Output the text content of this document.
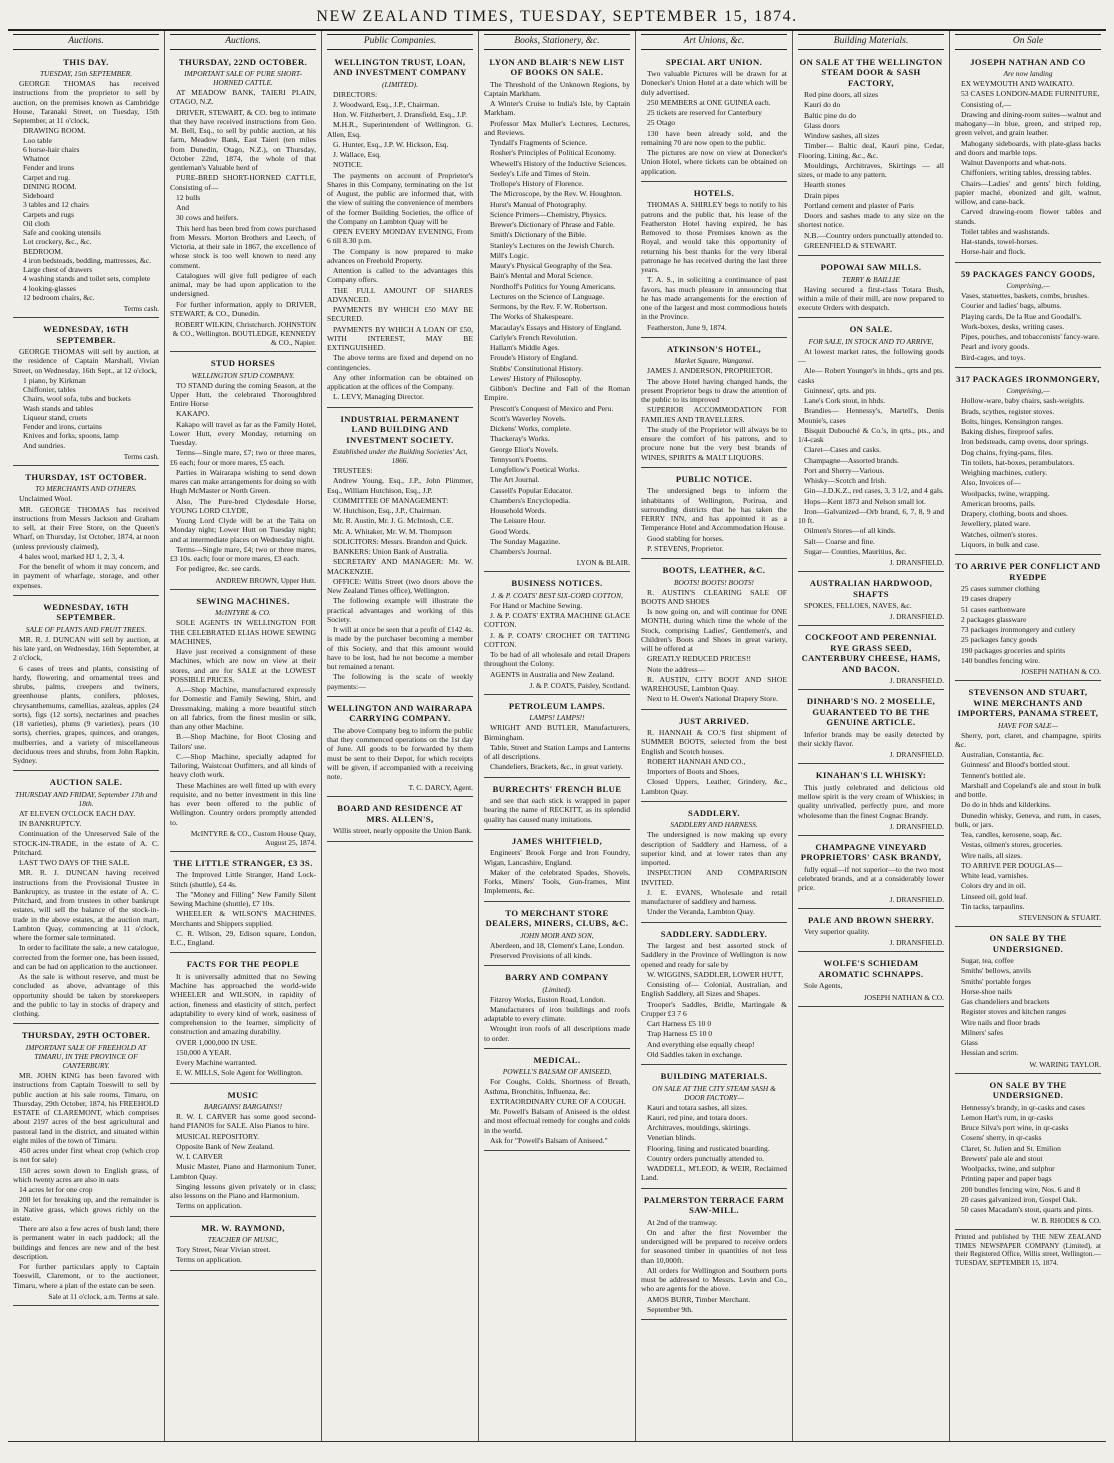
NEW ZEALAND TIMES, TUESDAY, SEPTEMBER 15, 1874.
Auctions.
THIS DAY.
TUESDAY, 15th SEPTEMBER.

GEORGE THOMAS has received instructions from the proprietor to sell by auction, on the premises known as Cambridge House, Taranaki Street, on Tuesday, 15th September, at 11 o'clock,

DRAWING ROOM.
Loo table
6 horse-hair chairs
Whatnot
Fender and irons
Carpet and rug.
DINING ROOM.
Sideboard
3 tables and 12 chairs
Carpets and rugs
Oil cloth
Safe and cooking utensils
Lot crockery, &c., &c.
BEDROOM.
4 iron bedsteads, bedding, mattresses, &c.
Large chest of drawers
4 washing stands and toilet sets, complete
4 looking-glasses
12 bedroom chairs, &c.
Terms cash.
WEDNESDAY, 16TH SEPTEMBER.

GEORGE THOMAS will sell by auction, at the residence of Captain Marshall, Vivian Street, on Wednesday, 16th Sept., at 12 o'clock,

1 piano, by Kirkman
Chiffonier, tables
Chairs, wool sofa, tubs and buckets
Wash stands and tables
Liqueur stand, cruets
Fender and irons, curtains
Knives and forks, spoons, lamp
And sundries.
Terms cash.
THURSDAY, 1ST OCTOBER.
TO MERCHANTS AND OTHERS.

Unclaimed Wool.

MR. GEORGE THOMAS has received instructions from Messrs Jackson and Graham to sell, at their Free Store, on the Queen's Wharf, on Thursday, 1st October, 1874, at noon (unless previously claimed),

4 bales wool, marked HJ 1, 2, 3, 4.

For the benefit of whom it may concern, and in payment of wharfage, storage, and other expenses.

WEDNESDAY, 16TH SEPTEMBER.
SALE OF PLANTS AND FRUIT TREES.

MR. R. J. DUNCAN will sell by auction, at his late yard, on Wednesday, 16th September, at 2 o'clock,

6 cases of trees and plants, consisting of hardy, flowering, and ornamental trees and shrubs, palms, creepers and twiners, greenhouse plants, conifers, phloxes, chrysanthemums, camellias, azaleas, apples (24 sorts), figs (12 sorts), nectarines and peaches (18 varieties), plums (9 varieties), pears (10 sorts), cherries, grapes, quinces, and oranges, mulberries, and a variety of miscellaneous deciduous trees and shrubs, from John Rapkin, Sydney.

AUCTION SALE.
THURSDAY AND FRIDAY, September 17th and 18th.

AT ELEVEN O'CLOCK EACH DAY.

IN BANKRUPTCY.

Continuation of the Unreserved Sale of the STOCK-IN-TRADE, in the estate of A. C. Pritchard.

LAST TWO DAYS OF THE SALE.

MR. R. J. DUNCAN having received instructions from the Provisional Trustee in Bankruptcy, as trustee in the estate of A. C. Pritchard, and from trustees in other bankrupt estates, will sell the balance of the stock-in-trade in the above estates, at the auction mart, Lambton Quay, commencing at 11 o'clock, where the former sale terminated.

In order to facilitate the sale, a new catalogue, corrected from the former one, has been issued, and can be had on application to the auctioneer.

As the sale is without reserve, and must be concluded as above, advantage of this opportunity should be taken by storekeepers and the public to lay in stocks of drapery and clothing.

THURSDAY, 29TH OCTOBER.
IMPORTANT SALE OF FREEHOLD AT TIMARU, IN THE PROVINCE OF CANTERBURY.

MR. JOHN KING has been favored with instructions from Captain Toeswill to sell by public auction at his sale rooms, Timaru, on Thursday, 29th October, 1874, his FREEHOLD ESTATE of CLAREMONT, which comprises about 2197 acres of the best agricultural and pastoral land in the district, and situated within eight miles of the town of Timaru.

450 acres under first wheat crop (which crop is not for sale)

150 acres sown down to English grass, of which twenty acres are also in oats

14 acres let for one crop

200 let for breaking up, and the remainder is in Native grass, which grows richly on the estate.

There are also a few acres of bush land; there is permanent water in each paddock; all the buildings and fences are new and of the best description.

For further particulars apply to Captain Toeswill, Claremont, or to the auctioneer, Timaru, where a plan of the estate can be seen.

Sale at 11 o'clock, a.m. Terms at sale.
Auctions.
THURSDAY, 22ND OCTOBER.
IMPORTANT SALE OF PURE SHORT-HORNED CATTLE.

AT MEADOW BANK, TAIERI PLAIN, OTAGO, N.Z.

DRIVER, STEWART, & CO. beg to intimate that they have received instructions from Geo. M. Bell, Esq., to sell by public auction, at his farm, Meadow Bank, East Taieri (ten miles from Dunedin, Otago, N.Z.), on Thursday, October 22nd, 1874, the whole of that gentleman's Valuable herd of

PURE-BRED SHORT-HORNED CATTLE, Consisting of—

12 bulls

And

30 cows and heifers.

This herd has been bred from cows purchased from Messrs. Morton Brothers and Leech, of Victoria, at their sale in 1867, the excellence of whose stock is too well known to need any comment.

Catalogues will give full pedigree of each animal, may be had upon application to the undersigned.

For further information, apply to DRIVER, STEWART, & CO., Dunedin.

ROBERT WILKIN, Christchurch. JOHNSTON & CO., Wellington. BOUTLEDGE, KENNEDY & CO., Napier.
STUD HORSES
WELLINGTON STUD COMPANY.

TO STAND during the coming Season, at the Upper Hutt, the celebrated Thoroughbred Entire Horse

KAKAPO.

Kakapo will travel as far as the Family Hotel, Lower Hutt, every Monday, returning on Tuesday.

Terms—Single mare, £7; two or three mares, £6 each; four or more mares, £5 each.

Parties in Wairarapa wishing to send down mares can make arrangements for doing so with Hugh McMaster or North Green.

Also, The Pure-bred Clydesdale Horse, YOUNG LORD CLYDE,

Young Lord Clyde will be at the Taita on Monday night; Lower Hutt on Tuesday night; and at intermediate places on Wednesday night.

Terms—Single mare, £4; two or three mares, £3 10s. each; four or more mares, £3 each.

For pedigree, &c. see cards.

ANDREW BROWN, Upper Hutt.
SEWING MACHINES.
McINTYRE & CO.

SOLE AGENTS IN WELLINGTON FOR THE CELEBRATED ELIAS HOWE SEWING MACHINES,

Have just received a consignment of these Machines, which are now on view at their stores, and are for SALE at the LOWEST POSSIBLE PRICES.

A.—Shop Machine, manufactured expressly for Domestic and Family Sewing, Shirt, and Dressmaking, making a more beautiful stitch on all fabrics, from the finest muslin or silk, than any other Machine.

B.—Shop Machine, for Boot Closing and Tailors' use.

C.—Shop Machine, specially adapted for Tailoring, Waistcoat Outfitters, and all kinds of heavy cloth work.

These Machines are well fitted up with every requisite, and no better investment in this line has ever been offered to the public of Wellington. Country orders promptly attended to.

McINTYRE & CO., Custom House Quay, August 25, 1874.
THE LITTLE STRANGER, £3 3S.

The Improved Little Stranger, Hand Lock-Stitch (shuttle), £4 4s.

The "Money and Filling" New Family Silent Sewing Machine (shuttle), £7 10s.

WHEELER & WILSON'S MACHINES. Merchants and Shippers supplied.

C. R. Wilson, 29, Edison square, London, E.C., England.

FACTS FOR THE PEOPLE

It is universally admitted that no Sewing Machine has approached the world-wide WHEELER and WILSON, in rapidity of action, fineness and elasticity of stitch, perfect adaptability to every kind of work, easiness of comprehension to the learner, simplicity of construction and amazing durability.

OVER 1,000,000 IN USE.

150,000 A YEAR.

Every Machine warranted.

E. W. MILLS, Sole Agent for Wellington.

MUSIC
BARGAINS! BARGAINS!!

R. W. I. CARVER has some good second-hand PIANOS for SALE. Also Pianos to hire.

MUSICAL REPOSITORY.

Opposite Bank of New Zealand.

W. I. CARVER

Music Master, Piano and Harmonium Tuner, Lambton Quay.

Singing lessons given privately or in class; also lessons on the Piano and Harmonium.

Terms on application.

MR. W. RAYMOND,
TEACHER OF MUSIC,

Tory Street, Near Vivian street.

Terms on application.

Public Companies.
WELLINGTON TRUST, LOAN, AND INVESTMENT COMPANY
(LIMITED).

DIRECTORS:

J. Woodward, Esq., J.P., Chairman.

Hon. W. Fitzherbert, J. Dransfield, Esq., J.P.

M.H.R., Superintendent of Wellington. G. Allen, Esq.

G. Hunter, Esq., J.P. W. Hickson, Esq.

J. Wallace, Esq.

NOTICE.

The payments on account of Proprietor's Shares in this Company, terminating on the 1st of August, the public are informed that, with the view of suiting the convenience of members of the former Building Societies, the office of the Company on Lambton Quay will be

OPEN EVERY MONDAY EVENING, From 6 till 8.30 p.m.

The Company is now prepared to make advances on Freehold Property.

Attention is called to the advantages this Company offers.

THE FULL AMOUNT OF SHARES ADVANCED.

PAYMENTS BY WHICH £50 MAY BE SECURED.

PAYMENTS BY WHICH A LOAN OF £50, WITH INTEREST, MAY BE EXTINGUISHED.

The above terms are fixed and depend on no contingencies.

Any other information can be obtained on application at the offices of the Company.

L. LEVY, Managing Director.

INDUSTRIAL PERMANENT LAND BUILDING AND INVESTMENT SOCIETY.
Established under the Building Societies' Act, 1866.

TRUSTEES:

Andrew Young, Esq., J.P., John Plimmer, Esq., William Hutchison, Esq., J.P.

COMMITTEE OF MANAGEMENT:

W. Hutchison, Esq., J.P., Chairman.

Mr. R. Austin, Mr. J. G. McIntosh, C.E.

Mr. A. Whitaker, Mr. W. M. Thompson

SOLICITORS: Messrs. Brandon and Quick.

BANKERS: Union Bank of Australia.

SECRETARY AND MANAGER: Mr. W. MACKENZIE.

OFFICE: Willis Street (two doors above the New Zealand Times office), Wellington.

The following example will illustrate the practical advantages and working of this Society.

It will at once be seen that a profit of £142 4s. is made by the purchaser becoming a member of this Society, and that this amount would have to be lost, had he not become a member but remained a tenant.

The following is the scale of weekly payments:—

WELLINGTON AND WAIRARAPA CARRYING COMPANY.

The above Company beg to inform the public that they commenced operations on the 1st day of June. All goods to be forwarded by them must be sent to their Depot, for which receipts will be given, if accompanied with a receiving note.

T. C. DARCY, Agent.
BOARD AND RESIDENCE AT MRS. ALLEN'S,

Willis street, nearly opposite the Union Bank.

Books, Stationery, &c.
LYON AND BLAIR'S NEW LIST OF BOOKS ON SALE.

The Threshold of the Unknown Regions, by Captain Markham.

A Winter's Cruise to India's Isle, by Captain Markham.

Professor Max Muller's Lectures, Lectures, and Reviews.

Tyndall's Fragments of Science.

Rosher's Principles of Political Economy.

Whewell's History of the Inductive Sciences.

Seeley's Life and Times of Stein.

Trollope's History of Florence.

The Microscope, by the Rev. W. Houghton.

Hurst's Manual of Photography.

Science Primers—Chemistry, Physics.

Brewer's Dictionary of Phrase and Fable.

Smith's Dictionary of the Bible.

Stanley's Lectures on the Jewish Church.

Mill's Logic.

Maury's Physical Geography of the Sea.

Bain's Mental and Moral Science.

Nordhoff's Politics for Young Americans.

Lectures on the Science of Language.

Sermons, by the Rev. F. W. Robertson.

The Works of Shakespeare.

Macaulay's Essays and History of England.

Carlyle's French Revolution.

Hallam's Middle Ages.

Froude's History of England.

Stubbs' Constitutional History.

Lewes' History of Philosophy.

Gibbon's Decline and Fall of the Roman Empire.

Prescott's Conquest of Mexico and Peru.

Scott's Waverley Novels.

Dickens' Works, complete.

Thackeray's Works.

George Eliot's Novels.

Tennyson's Poems.

Longfellow's Poetical Works.

The Art Journal.

Cassell's Popular Educator.

Chambers's Encyclopedia.

Household Words.

The Leisure Hour.

Good Words.

The Sunday Magazine.

Chambers's Journal.

LYON & BLAIR.
BUSINESS NOTICES.
J. & P. COATS' BEST SIX-CORD COTTON,

For Hand or Machine Sewing.

J. & P. COATS' EXTRA MACHINE GLACE COTTON.

J. & P. COATS' CROCHET OR TATTING COTTON.

To be had of all wholesale and retail Drapers throughout the Colony.

AGENTS in Australia and New Zealand.

J. & P. COATS, Paisley, Scotland.
PETROLEUM LAMPS.
LAMPS! LAMPS!!

WRIGHT AND BUTLER, Manufacturers, Birmingham.

Table, Street and Station Lamps and Lanterns of all descriptions.

Chandeliers, Brackets, &c., in great variety.

BURRECHTS' FRENCH BLUE

and see that each stick is wrapped in paper bearing the name of RECKITT, as its splendid quality has caused many imitations.

JAMES WHITFIELD,

Engineers' Brook Forge and Iron Foundry, Wigan, Lancashire, England.

Maker of the celebrated Spades, Shovels, Forks, Miners' Tools, Gun-frames, Mint Implements, &c.

TO MERCHANT STORE DEALERS, MINERS, CLUBS, &C.
JOHN MOIR AND SON,

Aberdeen, and 18, Clement's Lane, London.

Preserved Provisions of all kinds.

BARRY AND COMPANY
(Limited).

Fitzroy Works, Euston Road, London.

Manufacturers of iron buildings and roofs adaptable to every climate.

Wrought iron roofs of all descriptions made to order.

MEDICAL.
POWELL'S BALSAM OF ANISEED,

For Coughs, Colds, Shortness of Breath, Asthma, Bronchitis, Influenza, &c.

EXTRAORDINARY CURE OF A COUGH.

Mr. Powell's Balsam of Aniseed is the oldest and most effectual remedy for coughs and colds in the world.

Ask for "Powell's Balsam of Aniseed."

Art Unions, &c.
SPECIAL ART UNION.

Two valuable Pictures will be drawn for at Donecker's Union Hotel at a date which will be duly advertised.

250 MEMBERS at ONE GUINEA each.

25 tickets are reserved for Canterbury

25 Otago

130 have been already sold, and the remaining 70 are now open to the public.

The pictures are now on view at Donecker's Union Hotel, where tickets can be obtained on application.

HOTELS.

THOMAS A. SHIRLEY begs to notify to his patrons and the public that, his lease of the Featherston Hotel having expired, he has Removed to those Premises known as the Royal, and would take this opportunity of returning his best thanks for the very liberal patronage he has received during the last three years.

T. A. S., in soliciting a continuance of past favors, has much pleasure in announcing that he has made arrangements for the erection of one of the largest and most commodious hotels in the Province.

Featherston, June 9, 1874.

ATKINSON'S HOTEL,
Market Square, Wanganui.

JAMES J. ANDERSON, PROPRIETOR.

The above Hotel having changed hands, the present Proprietor begs to draw the attention of the public to its improved

SUPERIOR ACCOMMODATION FOR FAMILIES AND TRAVELLERS.

The study of the Proprietor will always be to ensure the comfort of his patrons, and to procure none but the very best brands of WINES, SPIRITS & MALT LIQUORS.

PUBLIC NOTICE.

The undersigned begs to inform the inhabitants of Wellington, Porirua, and surrounding districts that he has taken the FERRY INN, and has appointed it as a Temperance Hotel and Accommodation House.

Good stabling for horses.

P. STEVENS, Proprietor.

BOOTS, LEATHER, &C.
BOOTS! BOOTS! BOOTS!

R. AUSTIN'S CLEARING SALE OF BOOTS AND SHOES

Is now going on, and will continue for ONE MONTH, during which time the whole of the Stock, comprising Ladies', Gentlemen's, and Children's Boots and Shoes in great variety, will be offered at

GREATLY REDUCED PRICES!!

Note the address—

R. AUSTIN, CITY BOOT AND SHOE WAREHOUSE, Lambton Quay.

Next to H. Owen's National Drapery Store.

JUST ARRIVED.

R. HANNAH & CO.'S first shipment of SUMMER BOOTS, selected from the best English and Scotch houses.

ROBERT HANNAH AND CO.,

Importers of Boots and Shoes,

Closed Uppers, Leather, Grindery, &c., Lambton Quay.

SADDLERY.
SADDLERY AND HARNESS.

The undersigned is now making up every description of Saddlery and Harness, of a superior kind, and at lower rates than any imported.

INSPECTION AND COMPARISON INVITED.

J. E. EVANS, Wholesale and retail manufacturer of saddlery and harness.

Under the Veranda, Lambton Quay.

SADDLERY. SADDLERY.

The largest and best assorted stock of Saddlery in the Province of Wellington is now opened and ready for sale by

W. WIGGINS, SADDLER, LOWER HUTT,

Consisting of— Colonial, Australian, and English Saddlery, all Sizes and Shapes.

Trooper's Saddles, Bridle, Martingale & Crupper £3 7 6

Cart Harness £5 10 0

Trap Harness £5 10 0

And everything else equally cheap!

Old Saddles taken in exchange.

BUILDING MATERIALS.
ON SALE AT THE CITY STEAM SASH & DOOR FACTORY—

Kauri and totara sashes, all sizes.

Kauri, red pine, and totara doors.

Architraves, mouldings, skirtings.

Venetian blinds.

Flooring, lining and rusticated boarding.

Country orders punctually attended to.

WADDELL, M'LEOD, & WEIR, Reclaimed Land.

PALMERSTON TERRACE FARM SAW-MILL.

At 2nd of the tramway.

On and after the first November the undersigned will be prepared to receive orders for seasoned timber in quantities of not less than 10,000ft.

All orders for Wellington and Southern ports must be addressed to Messrs. Levin and Co., who are agents for the above.

AMOS BURR, Timber Merchant.

September 9th.

Building Materials.
ON SALE AT THE WELLINGTON STEAM DOOR & SASH FACTORY,

Red pine doors, all sizes

Kauri do do

Baltic pine do do

Glass doors

Window sashes, all sizes

Timber— Baltic deal, Kauri pine, Cedar, Flooring, Lining, &c., &c.

Mouldings, Architraves, Skirtings — all sizes, or made to any pattern.

Hearth stones

Drain pipes

Portland cement and plaster of Paris

Doors and sashes made to any size on the shortest notice.

N.B.—Country orders punctually attended to.

GREENFIELD & STEWART.

POPOWAI SAW MILLS.
TERRY & BAILLIE

Having secured a first-class Totara Bush, within a mile of their mill, are now prepared to execute Orders with despatch.

ON SALE.
FOR SALE, IN STOCK AND TO ARRIVE,

At lowest market rates, the following goods—

Ale— Robert Younger's in hhds., qrts and pts. casks

Guinness', qrts. and pts.

Lane's Cork stout, in hhds.

Brandies— Hennessy's, Martell's, Denis Mounie's, cases

Bisquit Dubouché & Co.'s, in qrts., pts., and 1/4-cask

Claret—Cases and casks.

Champagne—Assorted brands.

Port and Sherry—Various.

Whisky—Scotch and Irish.

Gin—J.D.K.Z., red cases, 3, 3 1/2, and 4 gals.

Hops—Kent 1873 and Nelson small lot.

Iron—Galvanized—Orb brand, 6, 7, 8, 9 and 10 ft.

Oilmen's Stores—of all kinds.

Salt— Coarse and fine.

Sugar— Counties, Mauritius, &c.

J. DRANSFIELD.
AUSTRALIAN HARDWOOD, SHAFTS

SPOKES, FELLOES, NAVES, &c.

J. DRANSFIELD.
COCKFOOT AND PERENNIAL RYE GRASS SEED, CANTERBURY CHEESE, HAMS, AND BACON.
J. DRANSFIELD.
DINHARD'S NO. 2 MOSELLE, GUARANTEED TO BE THE GENUINE ARTICLE.

Inferior brands may be easily detected by their sickly flavor.

J. DRANSFIELD.
KINAHAN'S LL WHISKY:

This justly celebrated and delicious old mellow spirit is the very cream of Whiskies; in quality unrivalled, perfectly pure, and more wholesome than the finest Cognac Brandy.

J. DRANSFIELD.
CHAMPAGNE VINEYARD PROPRIETORS' CASK BRANDY,

fully equal—if not superior—to the two most celebrated brands, and at a considerably lower price.

J. DRANSFIELD.
PALE AND BROWN SHERRY.

Very superior quality.

J. DRANSFIELD.
WOLFE'S SCHIEDAM AROMATIC SCHNAPPS.

Sole Agents,

JOSEPH NATHAN & CO.
On Sale
JOSEPH NATHAN AND CO
Are now landing

EX WEYMOUTH AND WAIKATO.

53 CASES LONDON-MADE FURNITURE,

Consisting of,—

Drawing and dining-room suites—walnut and mahogany—in blue, green, and striped rep, green velvet, and grain leather.

Mahogany sideboards, with plate-glass backs and doors and marble tops.

Walnut Davenports and what-nots.

Chiffoniers, writing tables, dressing tables.

Chairs—Ladies' and gents' birch folding, papier maché, ebonized and gilt, walnut, willow, and cane-back.

Carved drawing-room flower tables and stands.

Toilet tables and washstands.

Hat-stands, towel-horses.

Horse-hair and flock.

59 PACKAGES FANCY GOODS,
Comprising,—

Vases, statuettes, baskets, combs, brushes.

Courier and ladies' bags, albums.

Playing cards, De la Rue and Goodall's.

Work-boxes, desks, writing cases.

Pipes, pouches, and tobacconists' fancy-ware.

Pearl and ivory goods.

Bird-cages, and toys.

317 PACKAGES IRONMONGERY,
Comprising,—

Hollow-ware, baby chairs, sash-weights.

Brads, scythes, register stoves.

Bolts, hinges, Kensington ranges.

Baking dishes, fireproof safes.

Iron bedsteads, camp ovens, door springs.

Dog chains, frying-pans, files.

Tin toilets, hat-boxes, perambulators.

Weighing machines, cutlery.

Also, Invoices of—

Woolpacks, twine, wrapping.

American brooms, pails.

Drapery, clothing, boots and shoes.

Jewellery, plated ware.

Watches, oilmen's stores.

Liquors, in bulk and case.

TO ARRIVE PER CONFLICT AND RYEDPE

25 cases summer clothing

19 cases drapery

51 cases earthenware

2 packages glassware

73 packages ironmongery and cutlery

25 packages fancy goods

190 packages groceries and spirits

140 bundles fencing wire.

JOSEPH NATHAN & CO.
STEVENSON AND STUART, WINE MERCHANTS AND IMPORTERS, PANAMA STREET,
HAVE FOR SALE—

Sherry, port, claret, and champagne, spirits &c.

Australian, Constantia, &c.

Guinness' and Blood's bottled stout.

Tennent's bottled ale.

Marshall and Copeland's ale and stout in bulk and bottle.

Do do in hhds and kilderkins.

Dunedin whisky, Geneva, and rum, in cases, bulk, or jars.

Tea, candles, kerosene, soap, &c.

Vestas, oilmen's stores, groceries.

Wire nails, all sizes.

TO ARRIVE PER DOUGLAS—

White lead, varnishes.

Colors dry and in oil.

Linseed oil, gold leaf.

Tin tacks, tarpaulins.

STEVENSON & STUART.
ON SALE BY THE UNDERSIGNED.

Sugar, tea, coffee

Smiths' bellows, anvils

Smiths' portable forges

Horse-shoe nails

Gas chandeliers and brackets

Register stoves and kitchen ranges

Wire nails and floor brads

Milners' safes

Glass

Hessian and scrim.

W. WARING TAYLOR.
ON SALE BY THE UNDERSIGNED.

Hennessy's brandy, in qr-casks and cases

Lemon Hart's rum, in qr-casks

Bruce Silva's port wine, in qr-casks

Cosens' sherry, in qr-casks

Claret, St. Julien and St. Emilion

Brewers' pale ale and stout

Woolpacks, twine, and sulphur

Printing paper and paper bags

200 bundles fencing wire, Nos. 6 and 8

20 cases galvanized iron, Gospel Oak.

50 cases Macadam's stout, quarts and pints.

W. B. RHODES & CO.
Printed and published by THE NEW ZEALAND TIMES NEWSPAPER COMPANY (Limited), at their Registered Office, Willis street, Wellington.—TUESDAY, SEPTEMBER 15, 1874.
